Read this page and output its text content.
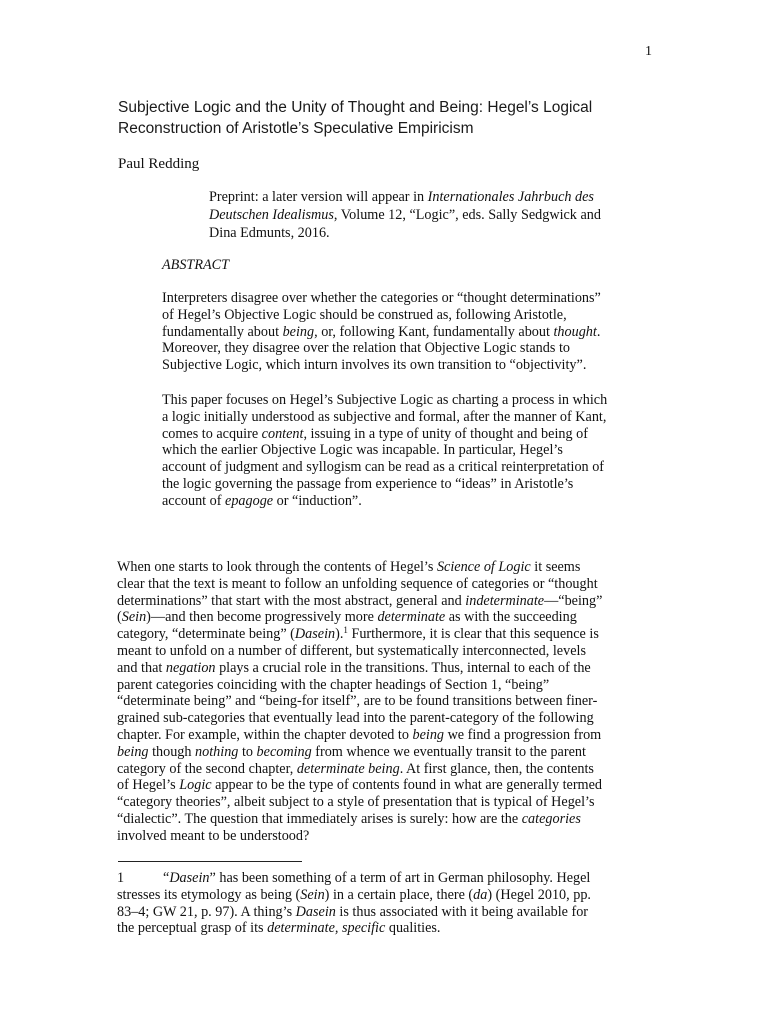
1
Subjective Logic and the Unity of Thought and Being: Hegel’s Logical
Reconstruction of Aristotle’s Speculative Empiricism
Paul Redding
Preprint: a later version will appear in Internationales Jahrbuch des
Deutschen Idealismus, Volume 12, “Logic”, eds. Sally Sedgwick and
Dina Edmunts, 2016.
ABSTRACT
Interpreters disagree over whether the categories or “thought determinations”
of Hegel’s Objective Logic should be construed as, following Aristotle,
fundamentally about being, or, following Kant, fundamentally about thought.
Moreover, they disagree over the relation that Objective Logic stands to
Subjective Logic, which inturn involves its own transition to “objectivity”.
This paper focuses on Hegel’s Subjective Logic as charting a process in which
a logic initially understood as subjective and formal, after the manner of Kant,
comes to acquire content, issuing in a type of unity of thought and being of
which the earlier Objective Logic was incapable. In particular, Hegel’s
account of judgment and syllogism can be read as a critical reinterpretation of
the logic governing the passage from experience to “ideas” in Aristotle’s
account of epagoge or “induction”.
When one starts to look through the contents of Hegel’s Science of Logic it seems
clear that the text is meant to follow an unfolding sequence of categories or “thought
determinations” that start with the most abstract, general and indeterminate—“being”
(Sein)—and then become progressively more determinate as with the succeeding
category, “determinate being” (Dasein).$^1$ Furthermore, it is clear that this sequence is
meant to unfold on a number of different, but systematically interconnected, levels
and that negation plays a crucial role in the transitions. Thus, internal to each of the
parent categories coinciding with the chapter headings of Section 1, “being”
“determinate being” and “being-for itself”, are to be found transitions between finer-
grained sub-categories that eventually lead into the parent-category of the following
chapter. For example, within the chapter devoted to being we find a progression from
being though nothing to becoming from whence we eventually transit to the parent
category of the second chapter, determinate being. At first glance, then, the contents
of Hegel’s Logic appear to be the type of contents found in what are generally termed
“category theories”, albeit subject to a style of presentation that is typical of Hegel’s
“dialectic”. The question that immediately arises is surely: how are the categories
involved meant to be understood?
1	“Dasein” has been something of a term of art in German philosophy. Hegel
stresses its etymology as being (Sein) in a certain place, there (da) (Hegel 2010, pp.
83–4; GW 21, p. 97). A thing’s Dasein is thus associated with it being available for
the perceptual grasp of its determinate, specific qualities.
